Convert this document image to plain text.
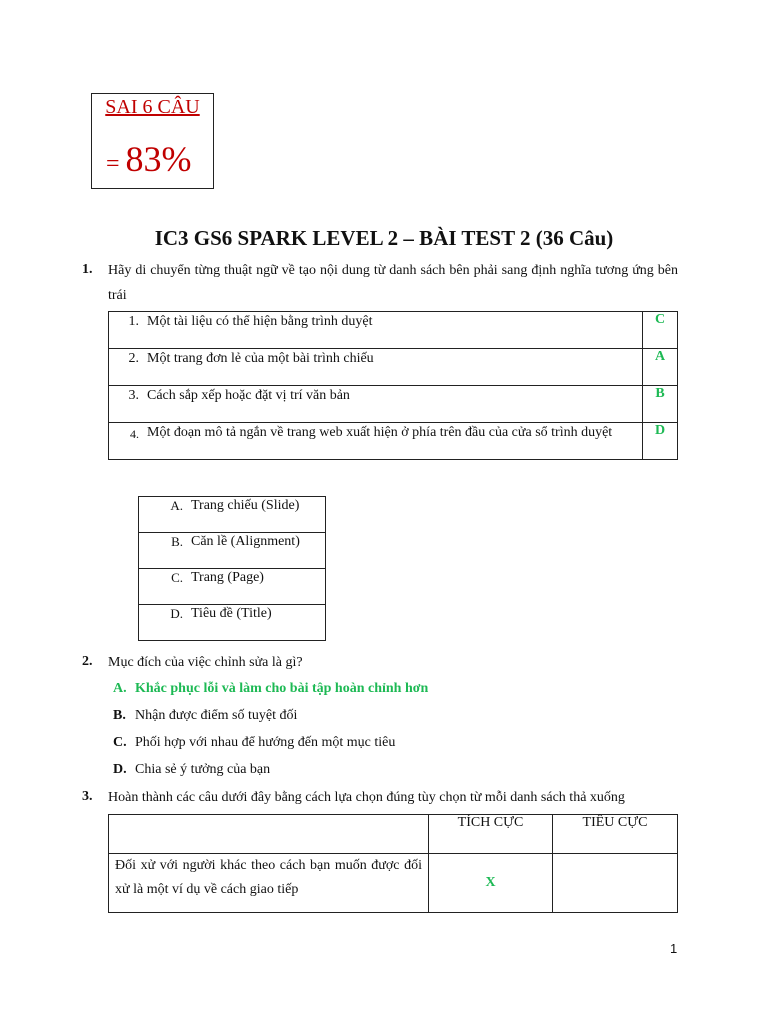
SAI 6 CÂU
= 83%
IC3 GS6 SPARK LEVEL 2 – BÀI TEST 2 (36 Câu)
1. Hãy di chuyển từng thuật ngữ về tạo nội dung từ danh sách bên phải sang định nghĩa tương ứng bên
trái
1. Một tài liệu có thể hiện bằng trình duyệt	C

2. Một trang đơn lẻ của một bài trình chiếu	A

3. Cách sắp xếp hoặc đặt vị trí văn bản	B

4. Một đoạn mô tả ngắn về trang web xuất hiện ở phía trên đầu của cửa sổ trình duyệt	D
A. Trang chiếu (Slide)

B. Căn lề (Alignment)

C. Trang (Page)

D. Tiêu đề (Title)
2. Mục đích của việc chỉnh sửa là gì?
A. Khắc phục lỗi và làm cho bài tập hoàn chỉnh hơn
B. Nhận được điểm số tuyệt đối
C. Phối hợp với nhau để hướng đến một mục tiêu
D. Chia sẻ ý tưởng của bạn
3. Hoàn thành các câu dưới đây bằng cách lựa chọn đúng tùy chọn từ mỗi danh sách thả xuống
	TÍCH CỰC	TIÊU CỰC

Đối xử với người khác theo cách bạn muốn được đối xử là một ví dụ về cách giao tiếp	X	
1
